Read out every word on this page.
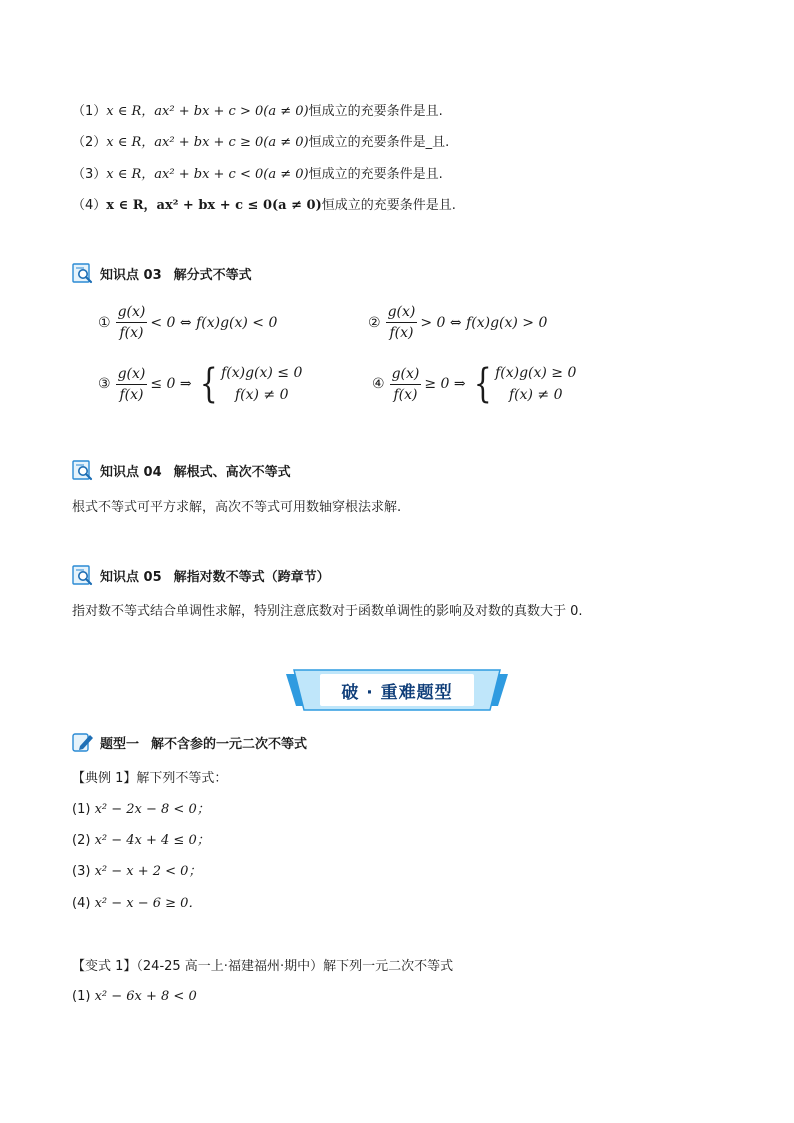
（1）x ∈ R，ax² + bx + c > 0(a ≠ 0)恒成立的充要条件是且.
（2）x ∈ R，ax² + bx + c ≥ 0(a ≠ 0)恒成立的充要条件是_且.
（3）x ∈ R，ax² + bx + c < 0(a ≠ 0)恒成立的充要条件是且.
（4）x ∈ R，ax² + bx + c ≤ 0(a ≠ 0)恒成立的充要条件是且.
知识点 03 解分式不等式
① $\frac{g(x)}{f(x)} < 0$ ⇔ f(x)g(x) < 0	② $\frac{g(x)}{f(x)} > 0$ ⇔ f(x)g(x) > 0
③ $\frac{g(x)}{f(x)} \le 0$ ⇒ { f(x)g(x) ≤ 0
f(x) ≠ 0
④ $\frac{g(x)}{f(x)} \ge 0$ ⇒ { f(x)g(x) ≥ 0
f(x) ≠ 0
知识点 04 解根式、高次不等式
根式不等式可平方求解，高次不等式可用数轴穿根法求解.
知识点 05 解指对数不等式（跨章节）
指对数不等式结合单调性求解，特别注意底数对于函数单调性的影响及对数的真数大于 0.
破 · 重难题型
题型一 解不含参的一元二次不等式
【典例 1】解下列不等式：
(1) x² − 2x − 8 < 0；
(2) x² − 4x + 4 ≤ 0；
(3) x² − x + 2 < 0；
(4) x² − x − 6 ≥ 0．
【变式 1】（24-25 高一上·福建福州·期中）解下列一元二次不等式
(1) x² − 6x + 8 < 0
